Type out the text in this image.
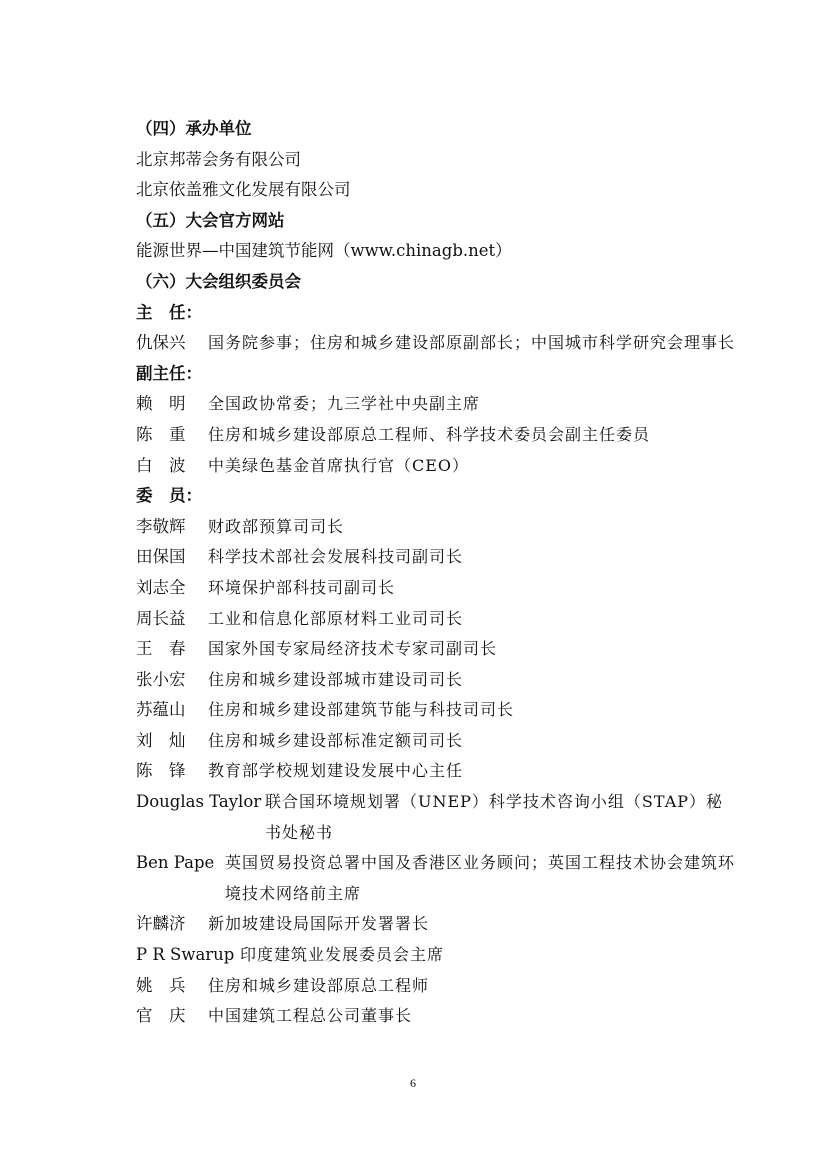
（四）承办单位
北京邦蒂会务有限公司
北京依盖雅文化发展有限公司
（五）大会官方网站
能源世界—中国建筑节能网（www.chinagb.net）
（六）大会组织委员会
主　任：
仇保兴	国务院参事；住房和城乡建设部原副部长；中国城市科学研究会理事长
副主任：
赖　明	全国政协常委；九三学社中央副主席
陈　重	住房和城乡建设部原总工程师、科学技术委员会副主任委员
白　波	中美绿色基金首席执行官（CEO）
委　员：
李敬辉	财政部预算司司长
田保国	科学技术部社会发展科技司副司长
刘志全	环境保护部科技司副司长
周长益	工业和信息化部原材料工业司司长
王　春	国家外国专家局经济技术专家司副司长
张小宏	住房和城乡建设部城市建设司司长
苏蕴山	住房和城乡建设部建筑节能与科技司司长
刘　灿	住房和城乡建设部标准定额司司长
陈　锋	教育部学校规划建设发展中心主任
Douglas Taylor 联合国环境规划署（UNEP）科学技术咨询小组（STAP）秘书处秘书
Ben Pape 英国贸易投资总署中国及香港区业务顾问；英国工程技术协会建筑环境技术网络前主席
许麟济	新加坡建设局国际开发署署长
P R Swarup 印度建筑业发展委员会主席
姚　兵	住房和城乡建设部原总工程师
官　庆	中国建筑工程总公司董事长
6
